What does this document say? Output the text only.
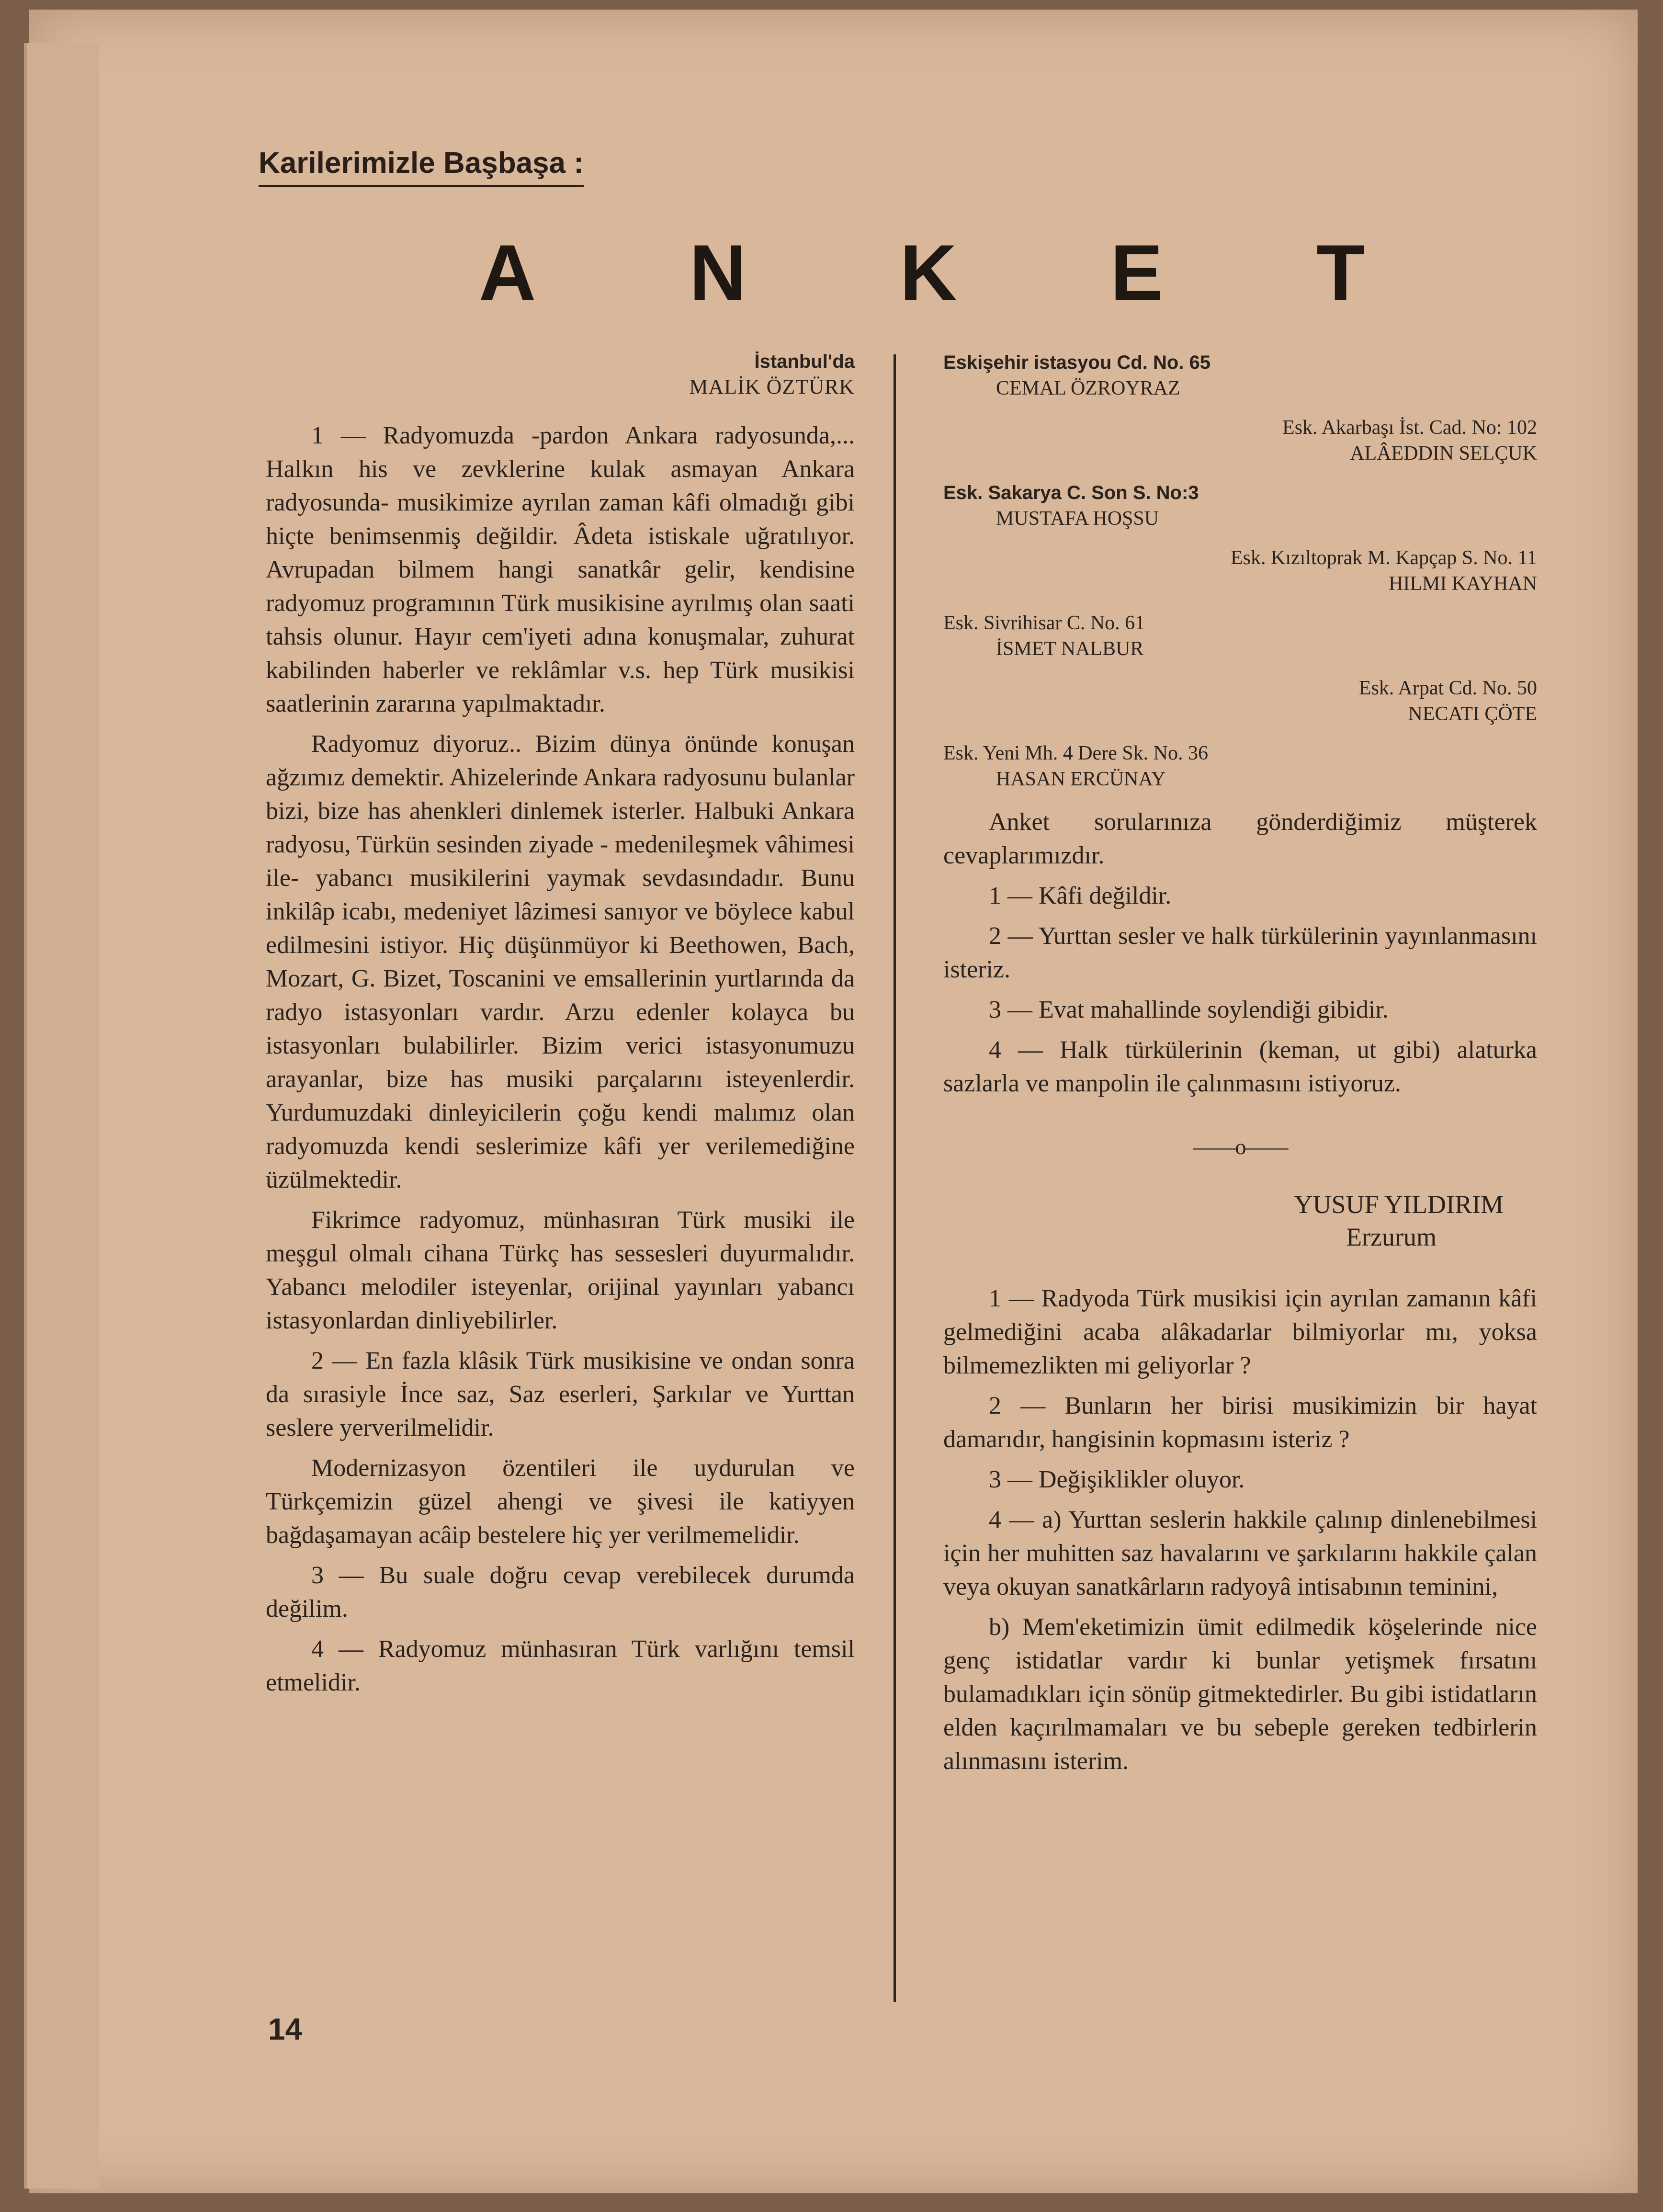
Karilerimizle Başbaşa :
A N K E T
İstanbul'da
MALİK ÖZTÜRK

1 — Radyomuzda -pardon Ankara radyosunda,... Halkın his ve zevklerine kulak asmayan Ankara radyosunda- musikimize ayrılan zaman kâfi olmadığı gibi hiçte benimsenmiş değildir. Âdeta istiskale uğratılıyor. Avrupadan bilmem hangi sanatkâr gelir, kendisine radyomuz programının Türk musikisine ayrılmış olan saati tahsis olunur. Hayır cem'iyeti adına konuşmalar, zuhurat kabilinden haberler ve reklâmlar v.s. hep Türk musikisi saatlerinin zararına yapılmaktadır.

Radyomuz diyoruz.. Bizim dünya önünde konuşan ağzımız demektir. Ahizelerinde Ankara radyosunu bulanlar bizi, bize has ahenkleri dinlemek isterler. Halbuki Ankara radyosu, Türkün sesinden ziyade - medenileşmek vâhimesi ile- yabancı musikilerini yaymak sevdasındadır. Bunu inkilâp icabı, medeniyet lâzimesi sanıyor ve böylece kabul edilmesini istiyor. Hiç düşünmüyor ki Beethowen, Bach, Mozart, G. Bizet, Toscanini ve emsallerinin yurtlarında da radyo istasyonları vardır. Arzu edenler kolayca bu istasyonları bulabilirler. Bizim verici istasyonumuzu arayanlar, bize has musiki parçalarını isteyenlerdir. Yurdumuzdaki dinleyicilerin çoğu kendi malımız olan radyomuzda kendi seslerimize kâfi yer verilemediğine üzülmektedir.

Fikrimce radyomuz, münhasıran Türk musiki ile meşgul olmalı cihana Türkç has sessesleri duyurmalıdır. Yabancı melodiler isteyenlar, orijinal yayınları yabancı istasyonlardan dinliyebilirler.

2 — En fazla klâsik Türk musikisine ve ondan sonra da sırasiyle İnce saz, Saz eserleri, Şarkılar ve Yurttan seslere yerverilmelidir.

Modernizasyon özentileri ile uydurulan ve Türkçemizin güzel ahengi ve şivesi ile katiyyen bağdaşamayan acâip bestelere hiç yer verilmemelidir.

3 — Bu suale doğru cevap verebilecek durumda değilim.

4 — Radyomuz münhasıran Türk varlığını temsil etmelidir.

Eskişehir istasyou Cd. No. 65
CEMAL ÖZROYRAZ
Esk. Akarbaşı İst. Cad. No: 102
ALÂEDDIN SELÇUK
Esk. Sakarya C. Son S. No:3
MUSTAFA HOŞSU
Esk. Kızıltoprak M. Kapçap S. No. 11
HILMI KAYHAN
Esk. Sivrihisar C. No. 61
İSMET NALBUR
Esk. Arpat Cd. No. 50
NECATI ÇÖTE
Esk. Yeni Mh. 4 Dere Sk. No. 36
HASAN ERCÜNAY

Anket sorularınıza gönderdiğimiz müşterek cevaplarımızdır.

1 — Kâfi değildir.

2 — Yurttan sesler ve halk türkülerinin yayınlanmasını isteriz.

3 — Evat mahallinde soylendiği gibidir.

4 — Halk türkülerinin (keman, ut gibi) alaturka sazlarla ve manpolin ile çalınmasını istiyoruz.

——o——
YUSUF YILDIRIM
Erzurum

1 — Radyoda Türk musikisi için ayrılan zamanın kâfi gelmediğini acaba alâkadarlar bilmiyorlar mı, yoksa bilmemezlikten mi geliyorlar ?

2 — Bunların her birisi musikimizin bir hayat damarıdır, hangisinin kopmasını isteriz ?

3 — Değişiklikler oluyor.

4 — a) Yurttan seslerin hakkile çalınıp dinlenebilmesi için her muhitten saz havalarını ve şarkılarını hakkile çalan veya okuyan sanatkârların radyoyâ intisabının teminini,

b) Mem'eketimizin ümit edilmedik köşelerinde nice genç istidatlar vardır ki bunlar yetişmek fırsatını bulamadıkları için sönüp gitmektedirler. Bu gibi istidatların elden kaçırılmamaları ve bu sebeple gereken tedbirlerin alınmasını isterim.

14
